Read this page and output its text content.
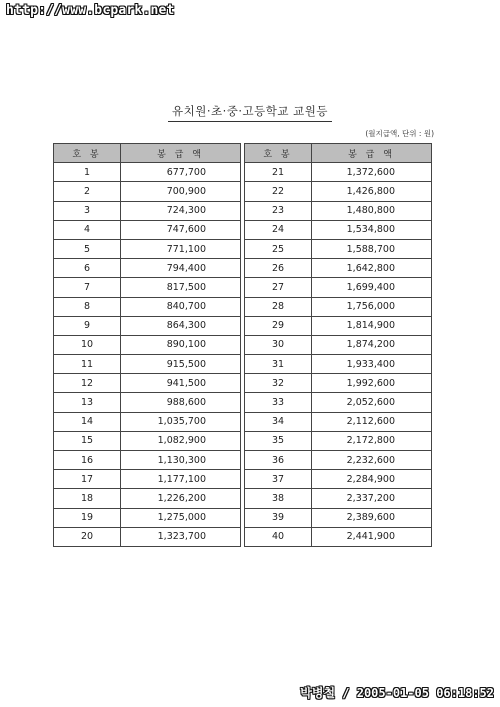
http://www.bcpark.net
유치원·초·중·고등학교 교원등
(월지급액, 단위 : 원)
호 봉	봉 급 액		호 봉	봉 급 액
1	677,700		21	1,372,600
2	700,900		22	1,426,800
3	724,300		23	1,480,800
4	747,600		24	1,534,800
5	771,100		25	1,588,700
6	794,400		26	1,642,800
7	817,500		27	1,699,400
8	840,700		28	1,756,000
9	864,300		29	1,814,900
10	890,100		30	1,874,200
11	915,500		31	1,933,400
12	941,500		32	1,992,600
13	988,600		33	2,052,600
14	1,035,700		34	2,112,600
15	1,082,900		35	2,172,800
16	1,130,300		36	2,232,600
17	1,177,100		37	2,284,900
18	1,226,200		38	2,337,200
19	1,275,000		39	2,389,600
20	1,323,700		40	2,441,900
박병철 / 2005-01-05 06:18:52
